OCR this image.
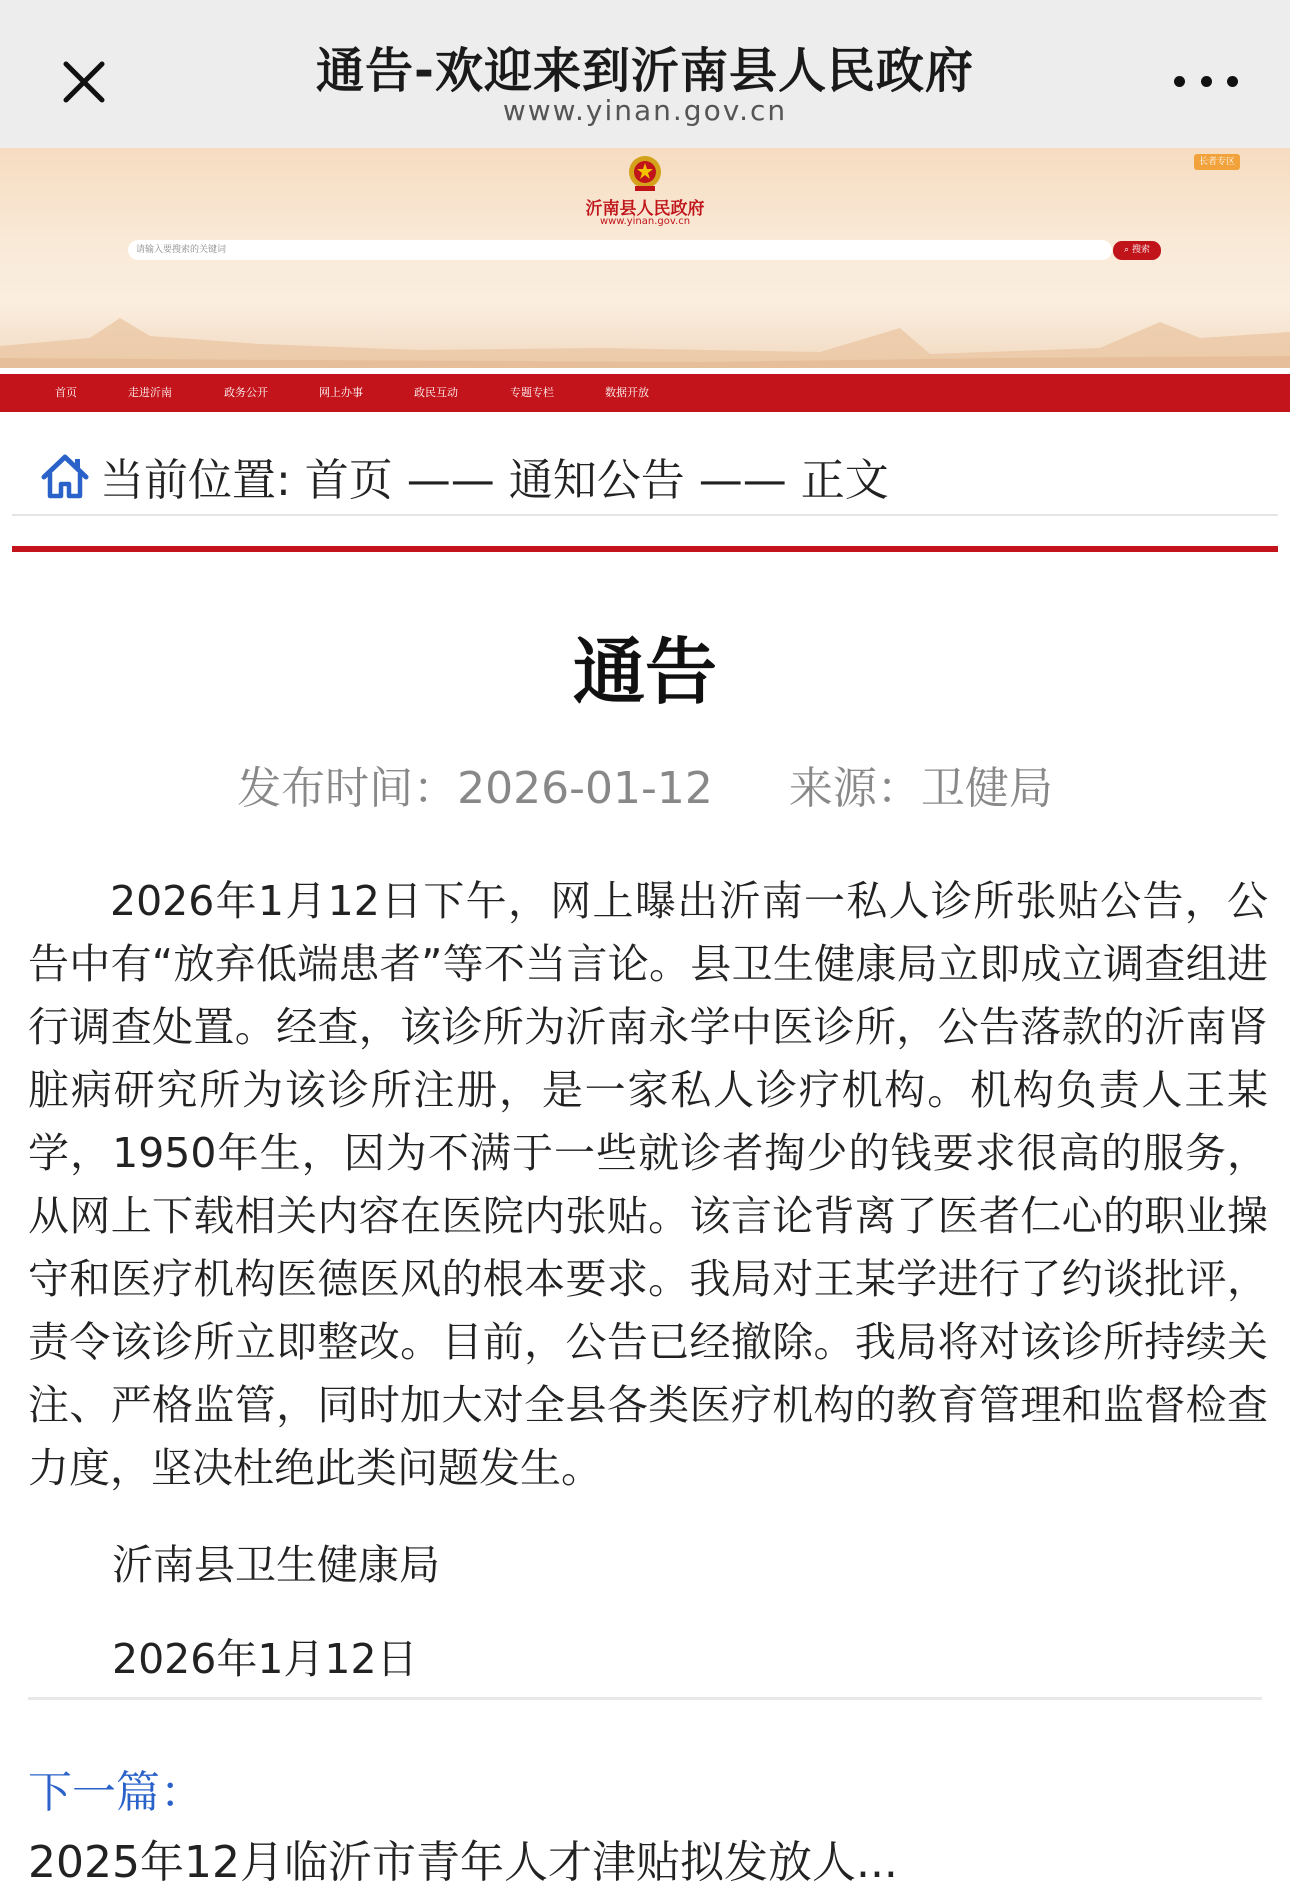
通告-欢迎来到沂南县人民政府
www.yinan.gov.cn
沂南县人民政府
www.yinan.gov.cn
长者专区
请输入要搜索的关键词	⌕ 搜索
首页	走进沂南	政务公开	网上办事	政民互动	专题专栏	数据开放
当前位置: 首页 —— 通知公告 —— 正文
通告
发布时间：2026-01-12 来源：卫健局

2026年1月12日下午，网上曝出沂南一私人诊所张贴公告，公告中有“放弃低端患者”等不当言论。县卫生健康局立即成立调查组进行调查处置。经查，该诊所为沂南永学中医诊所，公告落款的沂南肾脏病研究所为该诊所注册，是一家私人诊疗机构。机构负责人王某学，1950年生，因为不满于一些就诊者掏少的钱要求很高的服务，从网上下载相关内容在医院内张贴。该言论背离了医者仁心的职业操守和医疗机构医德医风的根本要求。我局对王某学进行了约谈批评，责令该诊所立即整改。目前，公告已经撤除。我局将对该诊所持续关注、严格监管，同时加大对全县各类医疗机构的教育管理和监督检查力度，坚决杜绝此类问题发生。

沂南县卫生健康局
2026年1月12日
下一篇：
2025年12月临沂市青年人才津贴拟发放人...
